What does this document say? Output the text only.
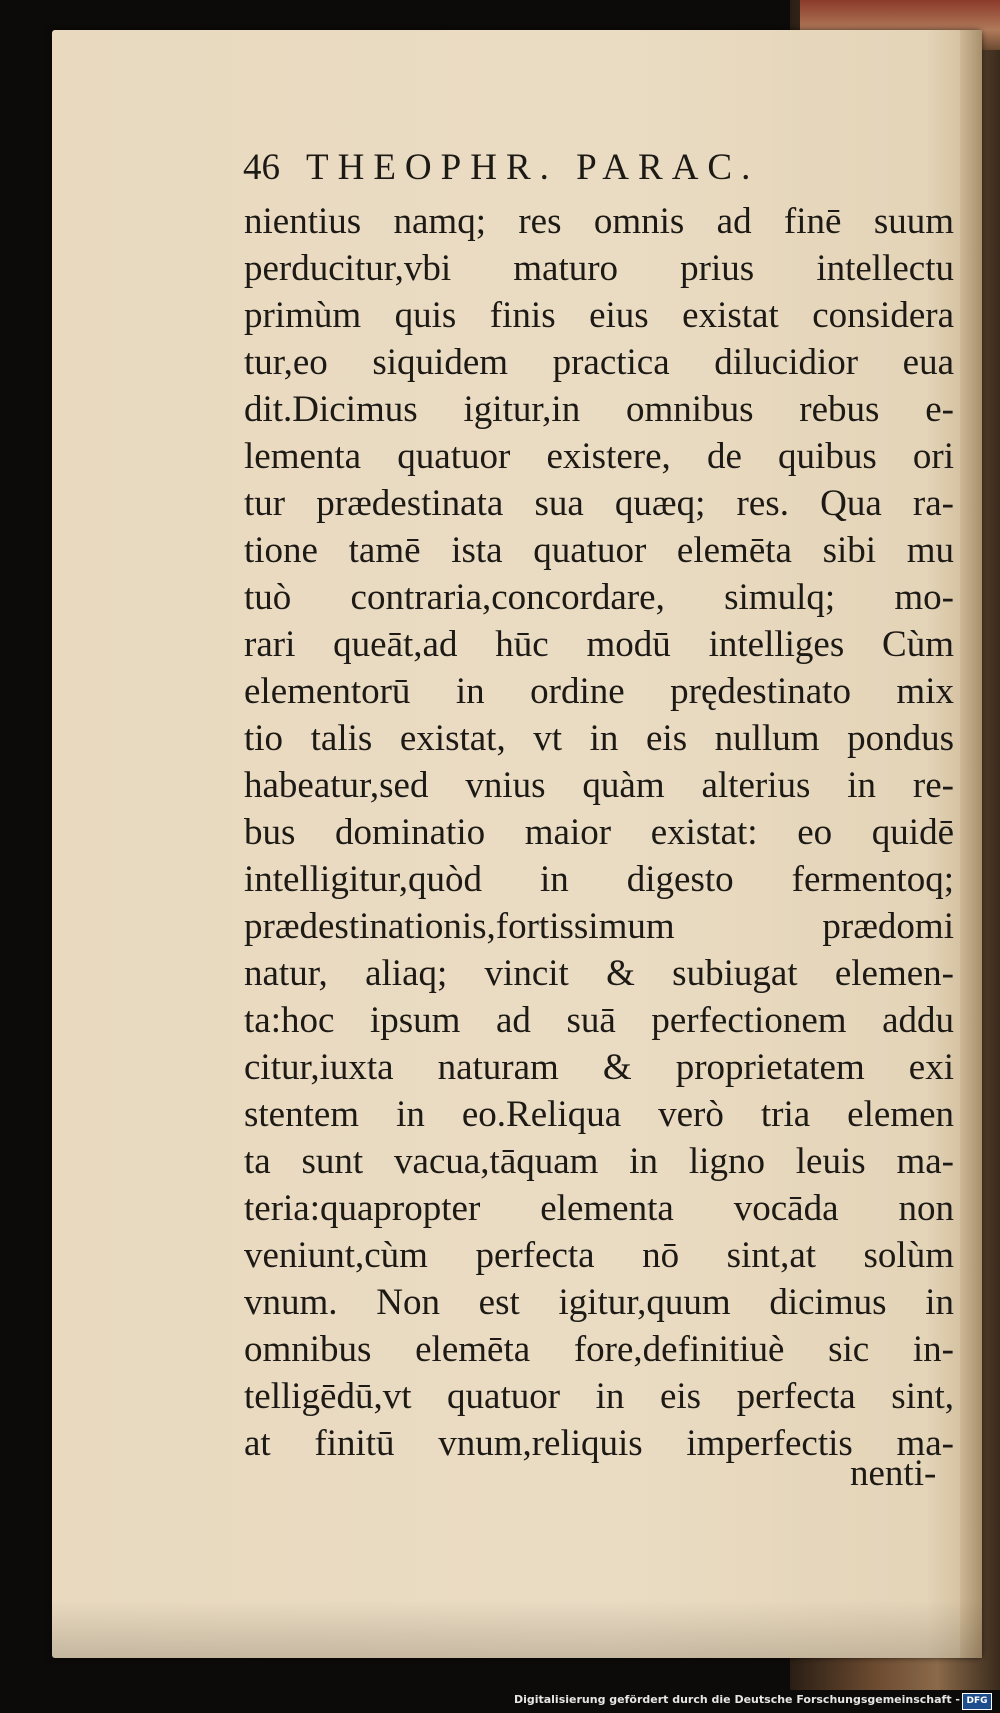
46 THEOPHR. PARAC.
nientius namq; res omnis ad finē suum
perducitur,vbi maturo prius intellectu
primùm quis finis eius existat considera
tur,eo siquidem practica dilucidior eua
dit.Dicimus igitur,in omnibus rebus e-
lementa quatuor existere, de quibus ori
tur prædestinata sua quæq; res. Qua ra-
tione tamē ista quatuor elemēta sibi mu
tuò contraria,concordare, simulq; mo-
rari queāt,ad hūc modū intelliges Cùm
elementorū in ordine prędestinato mix
tio talis existat, vt in eis nullum pondus
habeatur,sed vnius quàm alterius in re-
bus dominatio maior existat: eo quidē
intelligitur,quòd in digesto fermentoq;
prædestinationis,fortissimum prædomi
natur, aliaq; vincit & subiugat elemen-
ta:hoc ipsum ad suā perfectionem addu
citur,iuxta naturam & proprietatem exi
stentem in eo.Reliqua verò tria elemen
ta sunt vacua,tāquam in ligno leuis ma-
teria:quapropter elementa vocāda non
veniunt,cùm perfecta nō sint,at solùm
vnum. Non est igitur,quum dicimus in
omnibus elemēta fore,definitiuè sic in-
telligēdū,vt quatuor in eis perfecta sint,
at finitū vnum,reliquis imperfectis ma-
nenti-
Digitalisierung gefördert durch die Deutsche Forschungsgemeinschaft - DFG
